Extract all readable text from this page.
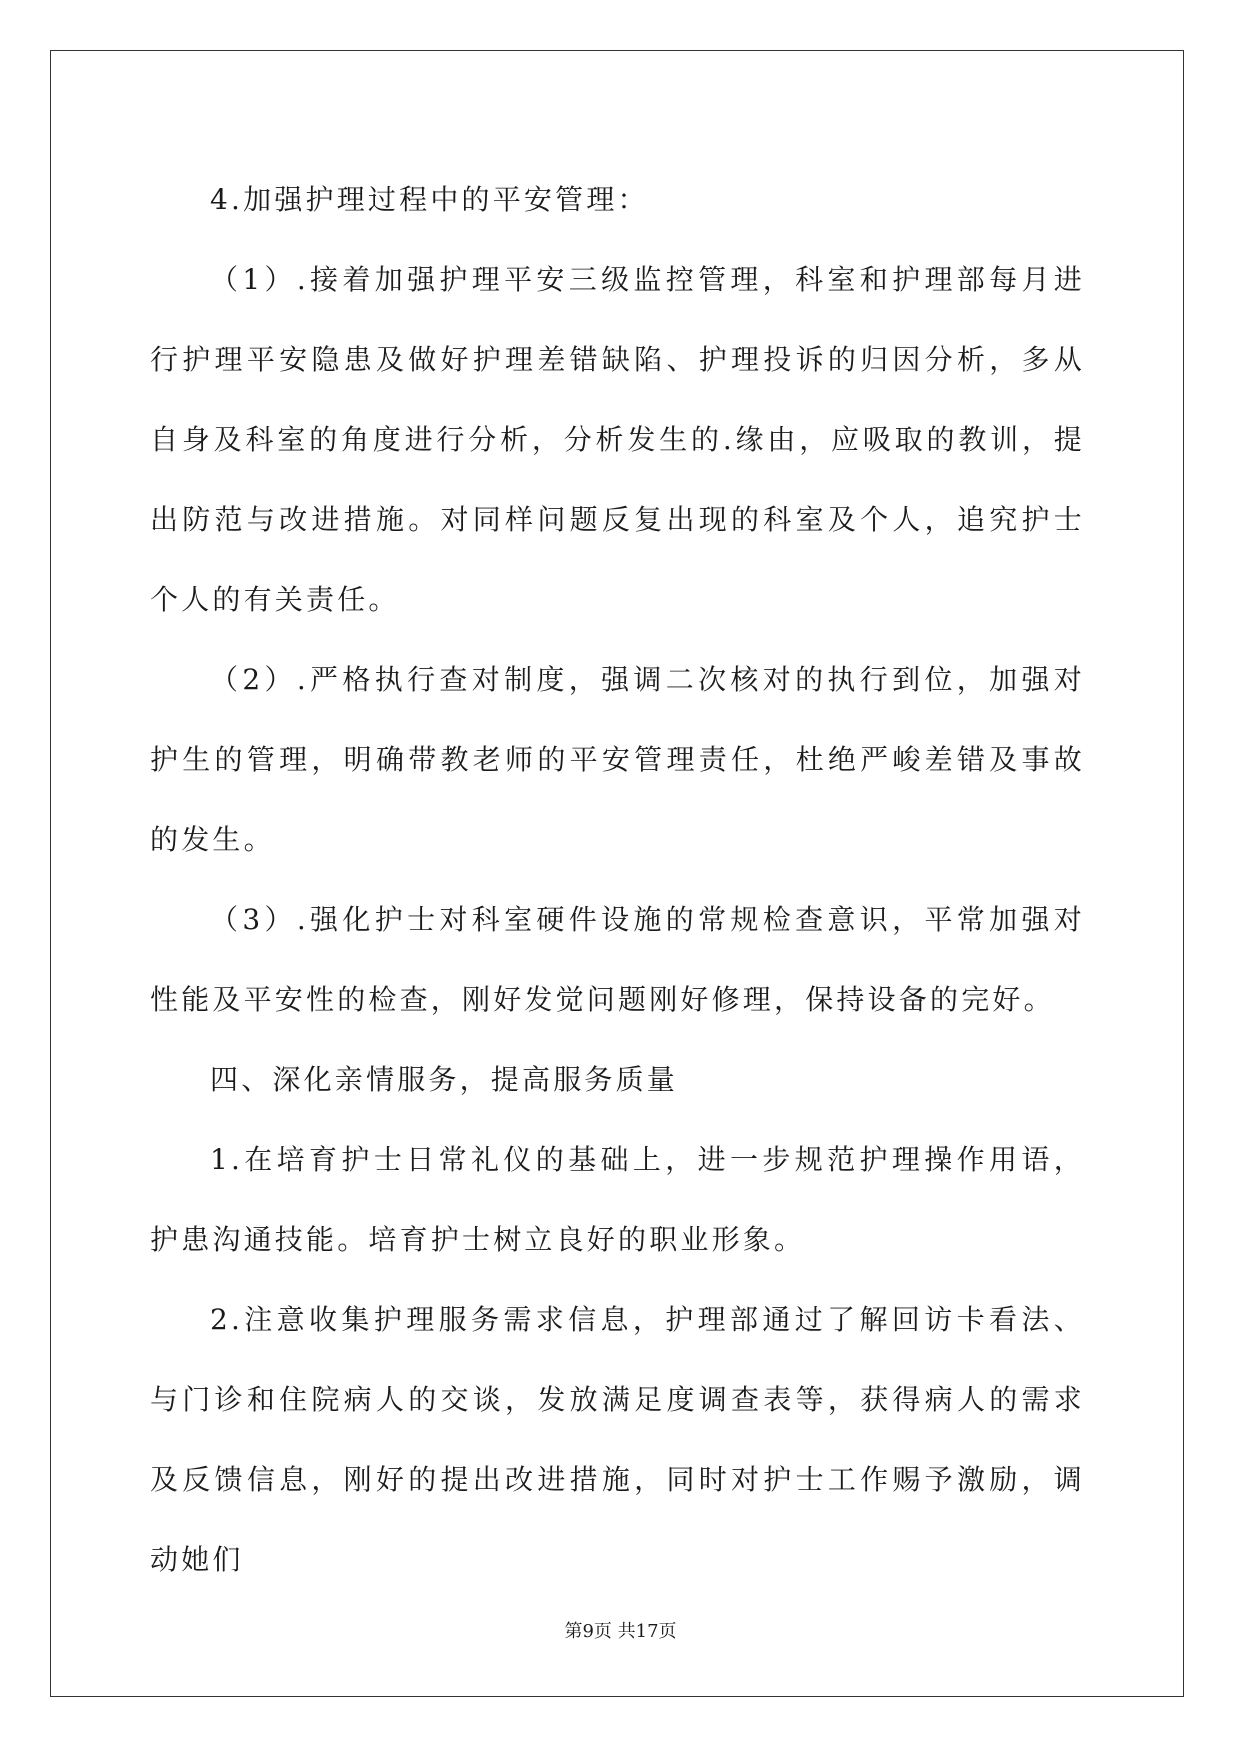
4.加强护理过程中的平安管理：

（1）.接着加强护理平安三级监控管理，科室和护理部每月进行护理平安隐患及做好护理差错缺陷、护理投诉的归因分析，多从自身及科室的角度进行分析，分析发生的.缘由，应吸取的教训，提出防范与改进措施。对同样问题反复出现的科室及个人，追究护士个人的有关责任。

（2）.严格执行查对制度，强调二次核对的执行到位，加强对护生的管理，明确带教老师的平安管理责任，杜绝严峻差错及事故的发生。

（3）.强化护士对科室硬件设施的常规检查意识，平常加强对性能及平安性的检查，刚好发觉问题刚好修理，保持设备的完好。

四、深化亲情服务，提高服务质量

1.在培育护士日常礼仪的基础上，进一步规范护理操作用语，护患沟通技能。培育护士树立良好的职业形象。

2.注意收集护理服务需求信息，护理部通过了解回访卡看法、与门诊和住院病人的交谈，发放满足度调查表等，获得病人的需求及反馈信息，刚好的提出改进措施，同时对护士工作赐予激励，调动她们

第9页 共17页
